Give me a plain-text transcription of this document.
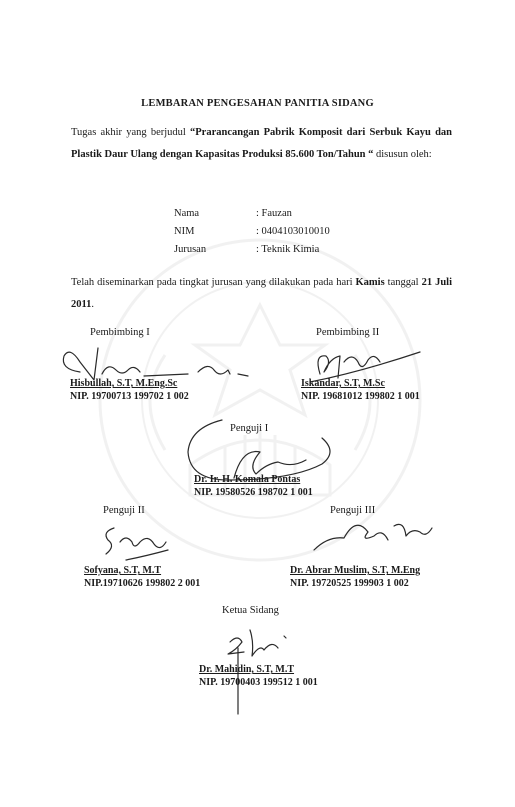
LEMBARAN PENGESAHAN PANITIA SIDANG
Tugas akhir yang berjudul “Prarancangan Pabrik Komposit dari Serbuk Kayu dan Plastik Daur Ulang dengan Kapasitas Produksi 85.600 Ton/Tahun “ disusun oleh:
Nama	: Fauzan
NIM	: 0404103010010
Jurusan	: Teknik Kimia
Telah diseminarkan pada tingkat jurusan yang dilakukan pada hari Kamis tanggal 21 Juli 2011.
Pembimbing I
Hisbullah, S.T, M.Eng.Sc
NIP. 19700713 199702 1 002
Pembimbing II
Iskandar, S.T, M.Sc
NIP. 19681012 199802 1 001
Penguji I
Dr. Ir. H. Komala Pontas
NIP. 19580526 198702 1 001
Penguji II
Sofyana, S.T, M.T
NIP.19710626 199802 2 001
Penguji III
Dr. Abrar Muslim, S.T, M.Eng
NIP. 19720525 199903 1 002
Ketua Sidang
Dr. Mahidin, S.T, M.T
NIP. 19700403 199512 1 001
